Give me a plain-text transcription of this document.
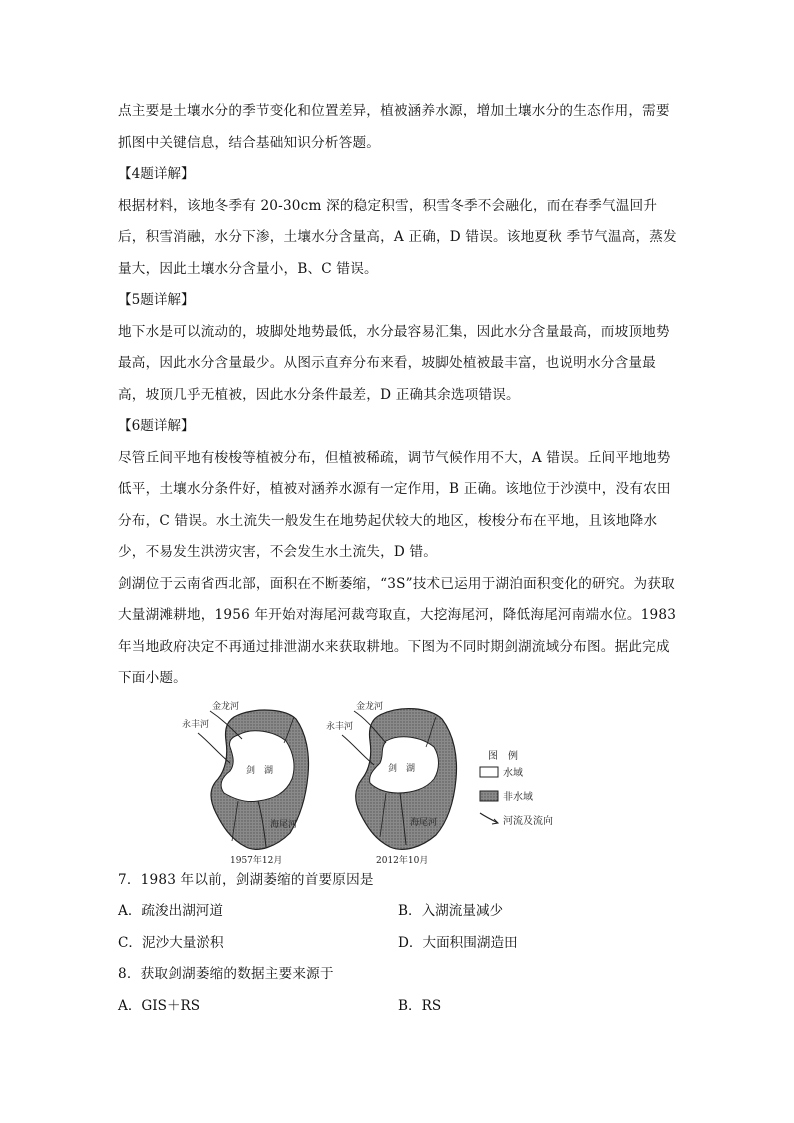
点主要是土壤水分的季节变化和位置差异，植被涵养水源，增加土壤水分的生态作用，需要抓图中关键信息，结合基础知识分析答题。

【4题详解】

根据材料，该地冬季有 20-30cm 深的稳定积雪，积雪冬季不会融化，而在春季气温回升后，积雪消融，水分下渗，土壤水分含量高，A 正确，D 错误。该地夏秋 季节气温高，蒸发量大，因此土壤水分含量小，B、C 错误。

【5题详解】

地下水是可以流动的，坡脚处地势最低，水分最容易汇集，因此水分含量最高，而坡顶地势最高，因此水分含量最少。从图示直弃分布来看，坡脚处植被最丰富，也说明水分含量最高，坡顶几乎无植被，因此水分条件最差，D 正确其余选项错误。

【6题详解】

尽管丘间平地有梭梭等植被分布，但植被稀疏，调节气候作用不大，A 错误。丘间平地地势低平，土壤水分条件好，植被对涵养水源有一定作用，B 正确。该地位于沙漠中，没有农田分布，C 错误。水土流失一般发生在地势起伏较大的地区，梭梭分布在平地，且该地降水少，不易发生洪涝灾害，不会发生水土流失，D 错。

剑湖位于云南省西北部，面积在不断萎缩，“3S”技术已运用于湖泊面积变化的研究。为获取大量湖滩耕地，1956 年开始对海尾河裁弯取直，大挖海尾河，降低海尾河南端水位。1983 年当地政府决定不再通过排泄湖水来获取耕地。下图为不同时期剑湖流域分布图。据此完成下面小题。

金龙河
永丰河
剑　湖
海尾河
1957年12月
金龙河
永丰河
剑　湖
海尾河
2012年10月
图　例
水域
非水域
河流及流向

7．1983 年以前，剑湖萎缩的首要原因是

A．疏浚出湖河道	B．入湖流量减少
C．泥沙大量淤积	D．大面积围湖造田

8．获取剑湖萎缩的数据主要来源于

A．GIS＋RS	B．RS
